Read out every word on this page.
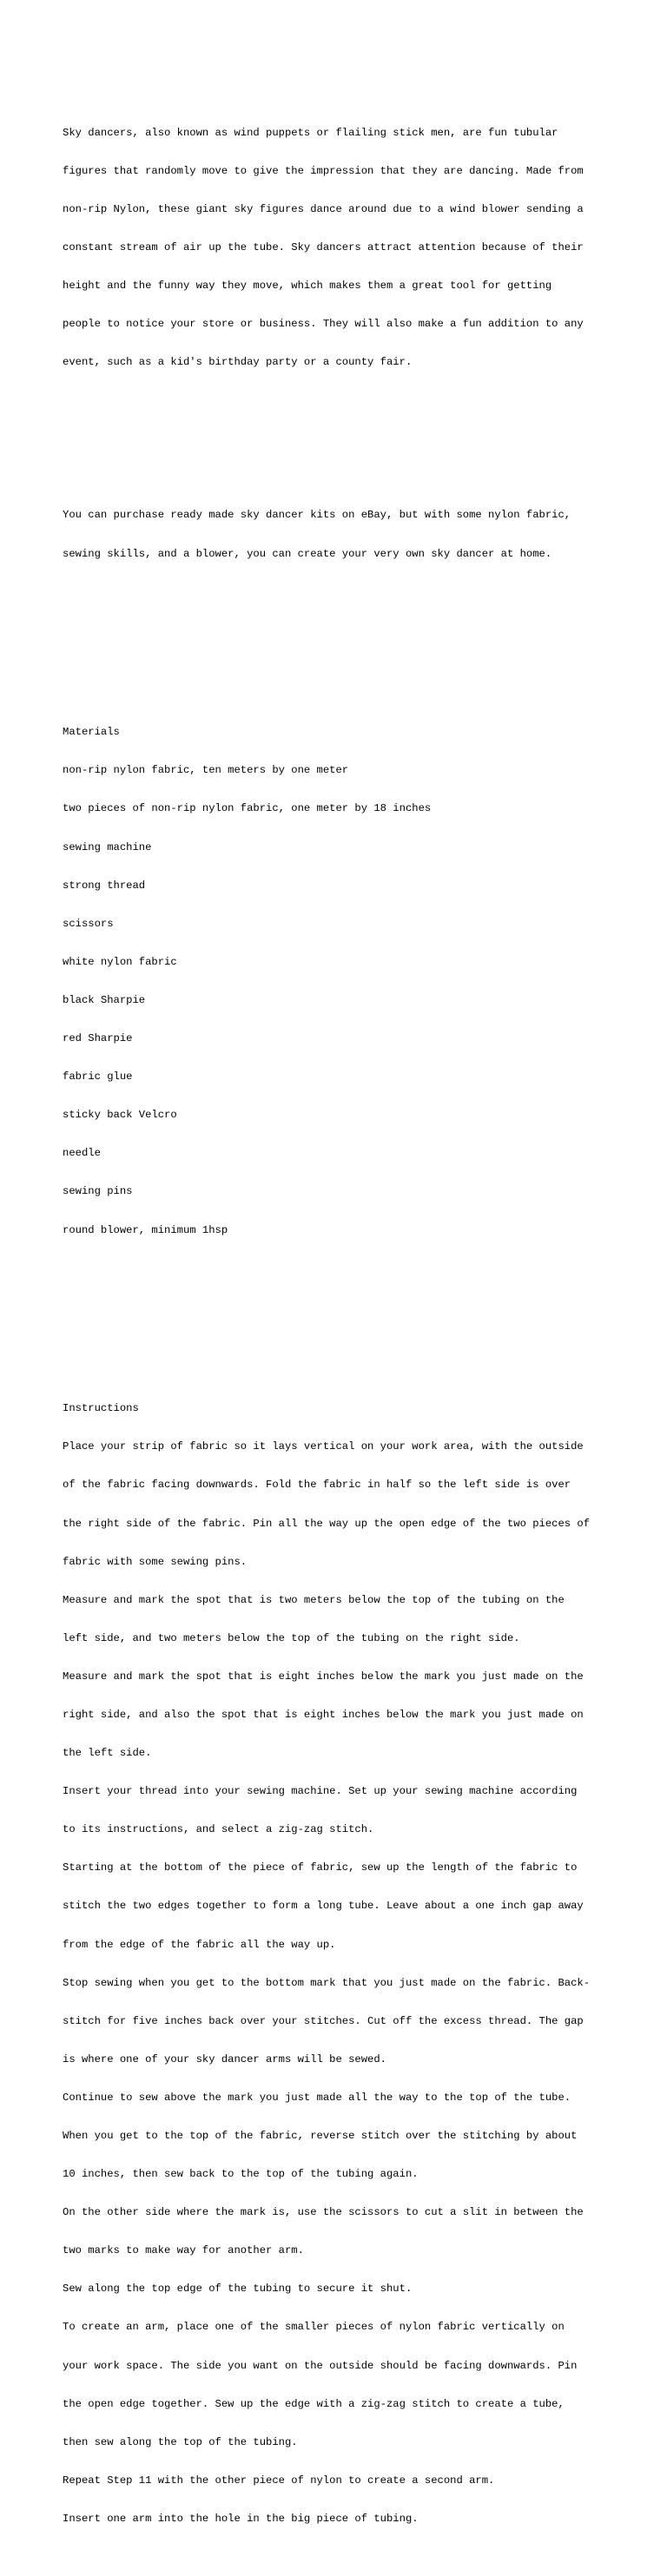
Sky dancers, also known as wind puppets or flailing stick men, are fun tubular

figures that randomly move to give the impression that they are dancing. Made from

non-rip Nylon, these giant sky figures dance around due to a wind blower sending a

constant stream of air up the tube. Sky dancers attract attention because of their

height and the funny way they move, which makes them a great tool for getting

people to notice your store or business. They will also make a fun addition to any

event, such as a kid's birthday party or a county fair.

You can purchase ready made sky dancer kits on eBay, but with some nylon fabric,

sewing skills, and a blower, you can create your very own sky dancer at home.

Materials

non-rip nylon fabric, ten meters by one meter

two pieces of non-rip nylon fabric, one meter by 18 inches

sewing machine

strong thread

scissors

white nylon fabric

black Sharpie

red Sharpie

fabric glue

sticky back Velcro

needle

sewing pins

round blower, minimum 1hsp

Instructions

Place your strip of fabric so it lays vertical on your work area, with the outside

of the fabric facing downwards. Fold the fabric in half so the left side is over

the right side of the fabric. Pin all the way up the open edge of the two pieces of

fabric with some sewing pins.

Measure and mark the spot that is two meters below the top of the tubing on the

left side, and two meters below the top of the tubing on the right side.

Measure and mark the spot that is eight inches below the mark you just made on the

right side, and also the spot that is eight inches below the mark you just made on

the left side.

Insert your thread into your sewing machine. Set up your sewing machine according

to its instructions, and select a zig-zag stitch.

Starting at the bottom of the piece of fabric, sew up the length of the fabric to

stitch the two edges together to form a long tube. Leave about a one inch gap away

from the edge of the fabric all the way up.

Stop sewing when you get to the bottom mark that you just made on the fabric. Back-

stitch for five inches back over your stitches. Cut off the excess thread. The gap

is where one of your sky dancer arms will be sewed.

Continue to sew above the mark you just made all the way to the top of the tube.

When you get to the top of the fabric, reverse stitch over the stitching by about

10 inches, then sew back to the top of the tubing again.

On the other side where the mark is, use the scissors to cut a slit in between the

two marks to make way for another arm.

Sew along the top edge of the tubing to secure it shut.

To create an arm, place one of the smaller pieces of nylon fabric vertically on

your work space. The side you want on the outside should be facing downwards. Pin

the open edge together. Sew up the edge with a zig-zag stitch to create a tube,

then sew along the top of the tubing.

Repeat Step 11 with the other piece of nylon to create a second arm.

Insert one arm into the hole in the big piece of tubing.
